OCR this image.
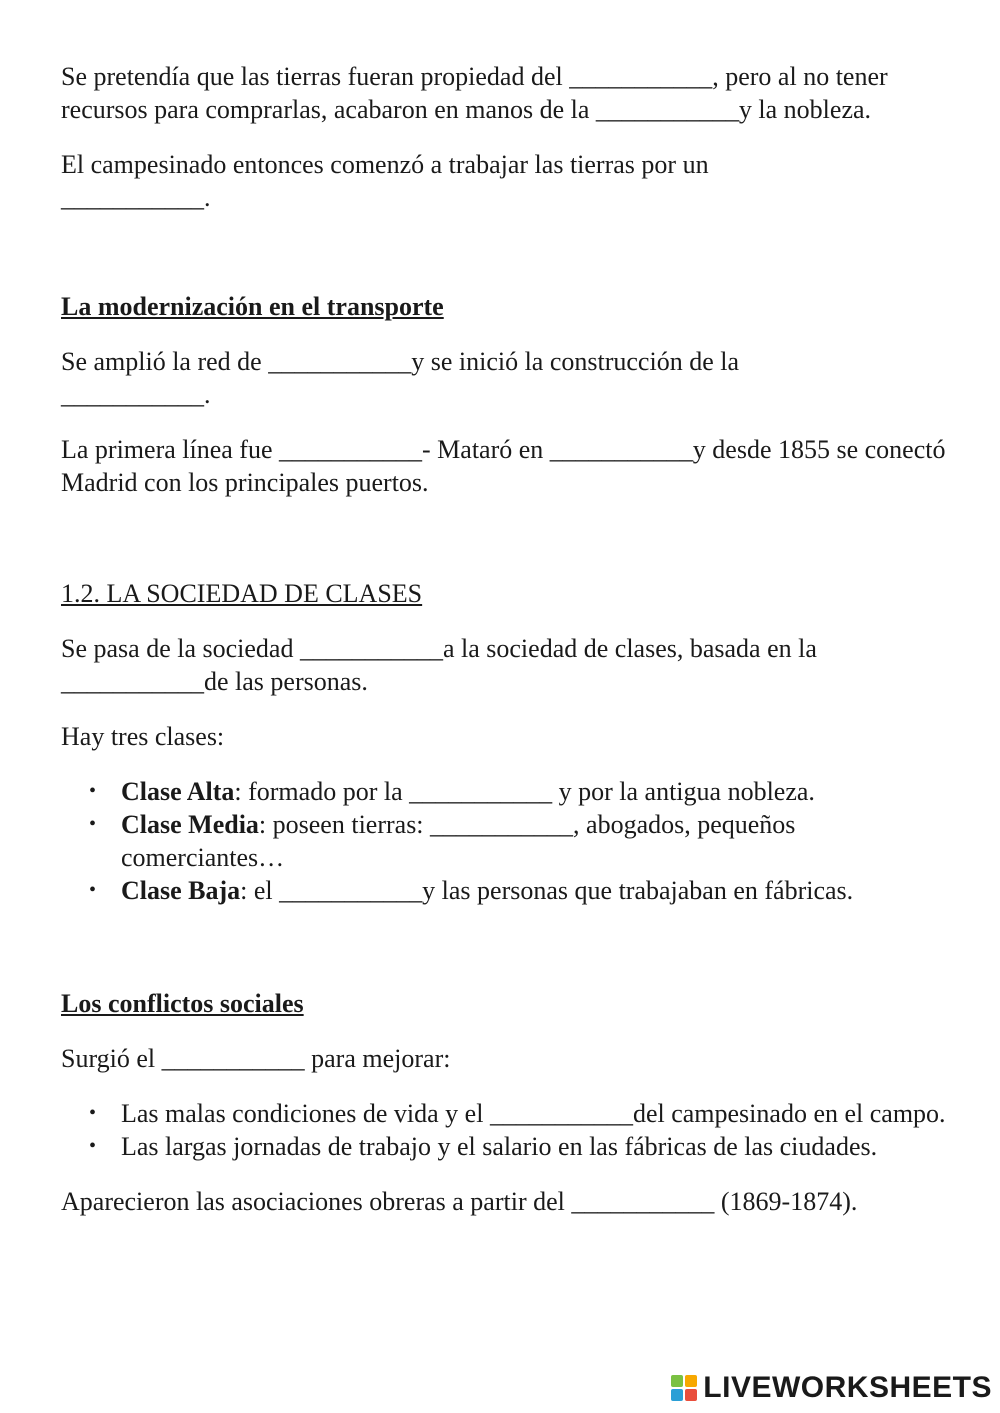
Se pretendía que las tierras fueran propiedad del ___________, pero al no tener recursos para comprarlas, acabaron en manos de la ___________y la nobleza.

El campesinado entonces comenzó a trabajar las tierras por un
___________.

La modernización en el transporte

Se amplió la red de ___________y se inició la construcción de la
___________.

La primera línea fue ___________- Mataró en ___________y desde 1855 se conectó Madrid con los principales puertos.

1.2. LA SOCIEDAD DE CLASES

Se pasa de la sociedad ___________a la sociedad de clases, basada en la
___________de las personas.

Hay tres clases:

• Clase Alta: formado por la ___________ y por la antigua nobleza.
• Clase Media: poseen tierras: ___________, abogados, pequeños comerciantes…
• Clase Baja: el ___________y las personas que trabajaban en fábricas.

Los conflictos sociales

Surgió el ___________ para mejorar:

• Las malas condiciones de vida y el ___________del campesinado en el campo.
• Las largas jornadas de trabajo y el salario en las fábricas de las ciudades.

Aparecieron las asociaciones obreras a partir del ___________ (1869-1874).

LIVEWORKSHEETS
